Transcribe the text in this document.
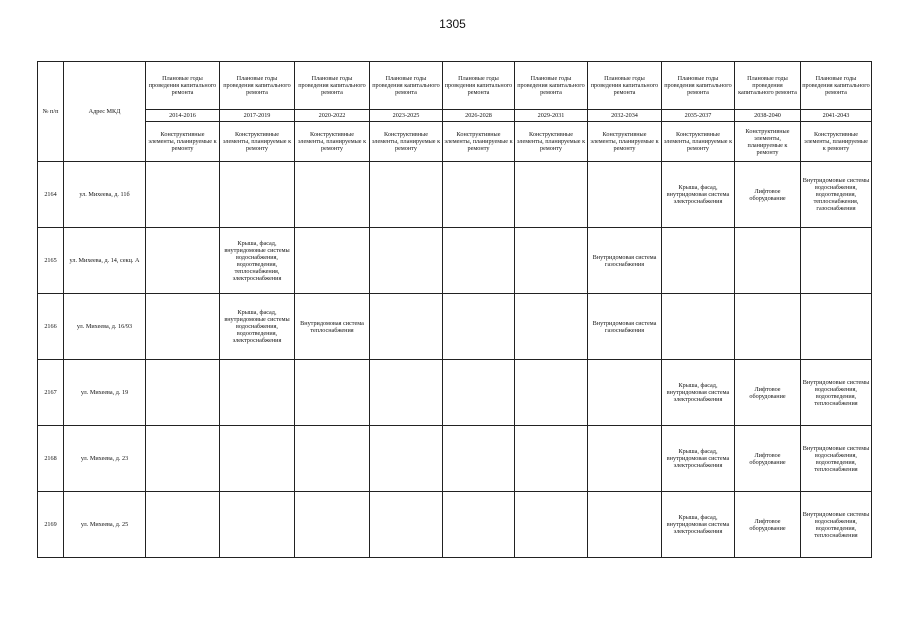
1305
№ п/п	Адрес МКД	Плановые годы проведения капитального ремонта	Плановые годы проведения капитального ремонта	Плановые годы проведения капитального ремонта	Плановые годы проведения капитального ремонта	Плановые годы проведения капитального ремонта	Плановые годы проведения капитального ремонта	Плановые годы проведения капитального ремонта	Плановые годы проведения капитального ремонта	Плановые годы проведения капитального ремонта	Плановые годы проведения капитального ремонта
		2014-2016	2017-2019	2020-2022	2023-2025	2026-2028	2029-2031	2032-2034	2035-2037	2038-2040	2041-2043
		Конструктивные элементы, планируемые к ремонту	Конструктивные элементы, планируемые к ремонту	Конструктивные элементы, планируемые к ремонту	Конструктивные элементы, планируемые к ремонту	Конструктивные элементы, планируемые к ремонту	Конструктивные элементы, планируемые к ремонту	Конструктивные элементы, планируемые к ремонту	Конструктивные элементы, планируемые к ремонту	Конструктивные элементы, планируемые к ремонту	Конструктивные элементы, планируемые к ремонту
2164	ул. Михеева, д. 11б								Крыша, фасад, внутридомовая система электроснабжения	Лифтовое оборудование	Внутридомовые системы водоснабжения, водоотведения, теплоснабжения, газоснабжения
2165	ул. Михеева, д. 14, секц. А		Крыша, фасад, внутридомовые системы водоснабжения, водоотведения, теплоснабжения, электроснабжения					Внутридомовая система газоснабжения			
2166	ул. Михеева, д. 16/93		Крыша, фасад, внутридомовые системы водоснабжения, водоотведения, электроснабжения	Внутридомовая система теплоснабжения				Внутридомовая система газоснабжения			
2167	ул. Михеева, д. 19								Крыша, фасад, внутридомовая система электроснабжения	Лифтовое оборудование	Внутридомовые системы водоснабжения, водоотведения, теплоснабжения
2168	ул. Михеева, д. 23								Крыша, фасад, внутридомовая система электроснабжения	Лифтовое оборудование	Внутридомовые системы водоснабжения, водоотведения, теплоснабжения
2169	ул. Михеева, д. 25								Крыша, фасад, внутридомовая система электроснабжения	Лифтовое оборудование	Внутридомовые системы водоснабжения, водоотведения, теплоснабжения
